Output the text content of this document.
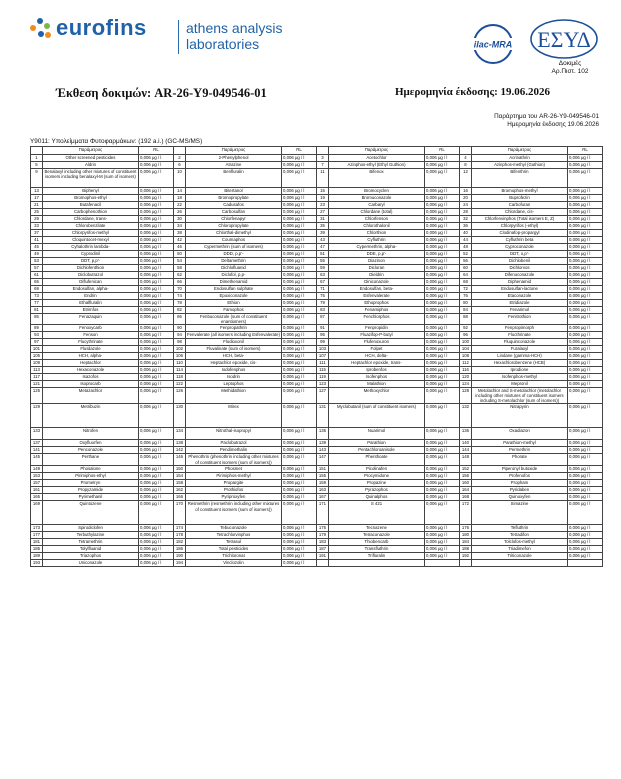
eurofins	athens analysis
laboratories	ilac-MRA ΕΣΥΔ
Δοκιμές
Αρ.Πιστ. 102
Έκθεση δοκιμών: AR-26-Y9-049546-01	Ημερομηνία έκδοσης: 19.06.2026
Παράρτημα του AR-26-Y9-049546-01
Ημερομηνία έκδοσης 19.06.2026
Y9011: Υπολείμματα Φυτοφαρμάκων: (192 a.i.) (GC-MS/MS)
	Παράμετρος	RL		Παράμετρος	RL		Παράμετρος	RL		Παράμετρος	RL
1	Other screened pesticides	0,006 μg / l	2	2-Phenylphenol	0,006 μg / l	3	Acetochlor	0,006 μg / l	4	Acrinathrin	0,006 μg / l
5	Aldrin	0,006 μg / l	6	Atrazine	0,006 μg / l	7	Azinphos-ethyl (Ethyl Guthion)	0,006 μg / l	8	Azinphos-methyl (Guthion)	0,006 μg / l
9	Benalaxyl including other mixtures of constituent isomers including benalaxyl-M (sum of isomers)	0,006 μg / l	10	Benfluralin	0,006 μg / l	11	Bifenox	0,006 μg / l	12	Bifenthrin	0,006 μg / l
13	Biphenyl	0,006 μg / l	14	Bitertanol	0,006 μg / l	15	Bromocyclen	0,006 μg / l	16	Bromophos-methyl	0,006 μg / l
17	Bromophos-ethyl	0,006 μg / l	18	Bromopropylate	0,006 μg / l	19	Bromuconazole	0,006 μg / l	20	Buprofezin	0,006 μg / l
21	Butafenacil	0,006 μg / l	22	Cadusafos	0,006 μg / l	23	Carbaryl	0,006 μg / l	24	Carbofuran	0,006 μg / l
25	Carbophenothion	0,006 μg / l	26	Carbosulfan	0,006 μg / l	27	Chlordane (total)	0,006 μg / l	28	Chlordane, cis-	0,006 μg / l
29	Chlordane, trans-	0,006 μg / l	30	Chlorfenapyr	0,006 μg / l	31	Chlorfenson	0,006 μg / l	32	Chlorfenvinphos (Total isomers E, Z)	0,006 μg / l
33	Chlorobenzilate	0,006 μg / l	34	Chloropropylate	0,006 μg / l	35	Chlorothalonil	0,006 μg / l	36	Chlorpyrifos (-ethyl)	0,006 μg / l
37	Chlorpyrifos-methyl	0,006 μg / l	38	Chlorthal-dimethyl	0,006 μg / l	39	Chlorthion	0,006 μg / l	40	Clodinafop-propargyl	0,006 μg / l
41	Cloquintocet-mexyl	0,006 μg / l	42	Coumaphos	0,006 μg / l	43	Cyfluthrin	0,006 μg / l	44	Cyfluthrin beta	0,006 μg / l
45	Cyhalothrin lambda-	0,006 μg / l	46	Cypermethrin (sum of isomers)	0,006 μg / l	47	Cypermethrin, alpha-	0,006 μg / l	48	Cyproconazole	0,006 μg / l
49	Cyprodinil	0,006 μg / l	50	DDD, p,p'-	0,006 μg / l	51	DDE, p,p'-	0,006 μg / l	52	DDT, o,p'-	0,006 μg / l
53	DDT, p,p'-	0,006 μg / l	54	Deltamethrin	0,006 μg / l	55	Diazinon	0,006 μg / l	56	Dichlobenil	0,006 μg / l
57	Dichlofenthion	0,006 μg / l	58	Dichlofluanid	0,006 μg / l	59	Dicloran	0,006 μg / l	60	Dichlorvos	0,006 μg / l
61	Diclobutrazol	0,006 μg / l	62	Diclofol, p,p-	0,006 μg / l	63	Dieldrin	0,006 μg / l	64	Difenoconazole	0,006 μg / l
65	Diflufenican	0,006 μg / l	66	Dimethenamid	0,006 μg / l	67	Diniconazole	0,006 μg / l	68	Diphenamid	0,006 μg / l
69	Endosulfan, alpha-	0,006 μg / l	70	Endosulfan sulphate	0,006 μg / l	71	Endosulfan, beta-	0,006 μg / l	72	Endosulfan-lactone	0,006 μg / l
73	Endrin	0,006 μg / l	74	Epoxiconazole	0,006 μg / l	75	Esfenvalerate	0,006 μg / l	76	Etaconazole	0,006 μg / l
77	Ethalfluralin	0,006 μg / l	78	Ethion	0,006 μg / l	79	Ethoprophos	0,006 μg / l	80	Etridiazole	0,006 μg / l
81	Etrimfos	0,006 μg / l	82	Famophos	0,006 μg / l	83	Fenamiphos	0,006 μg / l	84	Fenarimol	0,006 μg / l
85	Fenazaquin	0,006 μg / l	86	Fenbuconazole (sum of constituent enantiomers)	0,006 μg / l	87	Fenchlorphos	0,006 μg / l	88	Fenitrothion	0,006 μg / l
89	Fenoxycarb	0,006 μg / l	90	Fenpropathrin	0,006 μg / l	91	Fenpropidin	0,006 μg / l	92	Fenpropimorph	0,006 μg / l
93	Fenson	0,006 μg / l	94	Fenvalerate (all isomers including Esfenvalerate)	0,006 μg / l	95	Fluazifop-P-butyl	0,006 μg / l	96	Flucthrinate	0,006 μg / l
97	Flucythrinate	0,006 μg / l	98	Fludioxonil	0,006 μg / l	99	Flufenoxuron	0,006 μg / l	100	Fluquinconazole	0,006 μg / l
101	Flusilazole	0,006 μg / l	102	Fluvalinate (sum of isomers)	0,006 μg / l	103	Folpet	0,006 μg / l	104	Furalaxyl	0,006 μg / l
105	HCH, alpha-	0,006 μg / l	106	HCH, beta-	0,006 μg / l	107	HCH, delta-	0,006 μg / l	108	Lindane (gamma-HCH)	0,006 μg / l
109	Heptachlor	0,006 μg / l	110	Heptachlor epoxide, cis-	0,006 μg / l	111	Heptachlor epoxide, trans-	0,006 μg / l	112	Hexachlorobenzene (HCB)	0,006 μg / l
113	Hexaconazole	0,006 μg / l	114	Iodofenphos	0,006 μg / l	115	Iprobenfos	0,006 μg / l	116	Iprodione	0,006 μg / l
117	Isazofos	0,006 μg / l	118	Isodrin	0,006 μg / l	119	Isofenphos	0,006 μg / l	120	Isofenphos-methyl	0,006 μg / l
121	Isoprocarb	0,006 μg / l	122	Leptophos	0,006 μg / l	123	Malathion	0,006 μg / l	124	Mepronil	0,006 μg / l
125	Metazachlor	0,006 μg / l	126	Methidathion	0,006 μg / l	127	Methoxychlor	0,006 μg / l	128	Metolachlor and S-metolachlor (metolachlor including other mixtures of constituent isomers including S-metolachlor (sum of isomers))	0,006 μg / l
129	Metribuzin	0,006 μg / l	130	Mirex	0,006 μg / l	131	Myclobutanil (sum of constituent isomers)	0,006 μg / l	132	Nitrapyrin	0,006 μg / l
133	Nitrofen	0,006 μg / l	134	Nitrothal-isopropyl	0,006 μg / l	135	Nuarimol	0,006 μg / l	136	Oxadiazon	0,006 μg / l
137	Oxyfluorfen	0,006 μg / l	138	Paclobutrazol	0,006 μg / l	139	Parathion	0,006 μg / l	140	Parathion-methyl	0,006 μg / l
141	Penconazole	0,006 μg / l	142	Pendimethalin	0,006 μg / l	143	Pentachloroanisole	0,006 μg / l	144	Permethrin	0,006 μg / l
145	Perthane	0,006 μg / l	146	Phenothrin (phenothrin including other mixtures of constituent isomers (sum of isomers))	0,006 μg / l	147	Phenthoate	0,006 μg / l	148	Phorate	0,006 μg / l
149	Phosalone	0,006 μg / l	150	Phosmet	0,006 μg / l	151	Picolinafen	0,006 μg / l	152	Piperonyl butoxide	0,006 μg / l
153	Pirimiphos-ethyl	0,006 μg / l	154	Pirimiphos-methyl	0,006 μg / l	155	Procymidone	0,006 μg / l	156	Profenofos	0,006 μg / l
157	Prometryn	0,006 μg / l	158	Propargite	0,006 μg / l	159	Propazine	0,006 μg / l	160	Propham	0,006 μg / l
161	Propyzamide	0,006 μg / l	162	Prothiofos	0,006 μg / l	163	Pyrazophos	0,006 μg / l	164	Pyridaben	0,006 μg / l
165	Pyrimethanil	0,006 μg / l	166	Pyriproxyfen	0,006 μg / l	167	Quinalphos	0,006 μg / l	168	Quinoxyfen	0,006 μg / l
169	Quintozene	0,006 μg / l	170	Resmethrin (resmethrin including other mixtures of constituent isomers (sum of isomers))	0,006 μg / l	171	S 421	0,006 μg / l	172	Simazine	0,006 μg / l
173	Spirodiclofen	0,006 μg / l	174	Tebuconazole	0,006 μg / l	175	Tecnazene	0,006 μg / l	176	Tefluthrin	0,006 μg / l
177	Terbuthylazine	0,006 μg / l	178	Tetrachlorvinphos	0,006 μg / l	179	Tetraconazole	0,006 μg / l	180	Tetradifon	0,006 μg / l
181	Tetramethrin	0,006 μg / l	182	Tetrasul	0,006 μg / l	183	Thiobencarb	0,006 μg / l	184	Tolclofos-methyl	0,006 μg / l
185	Tolylfluanid	0,006 μg / l	186	Total pesticides	0,006 μg / l	187	Transfluthrin	0,006 μg / l	188	Triadimefon	0,006 μg / l
189	Triazophos	0,006 μg / l	190	Trichloronat	0,006 μg / l	191	Trifluralin	0,006 μg / l	192	Triticonazole	0,006 μg / l
193	Uniconazole	0,006 μg / l	194	Vinclozolin	0,006 μg / l						
